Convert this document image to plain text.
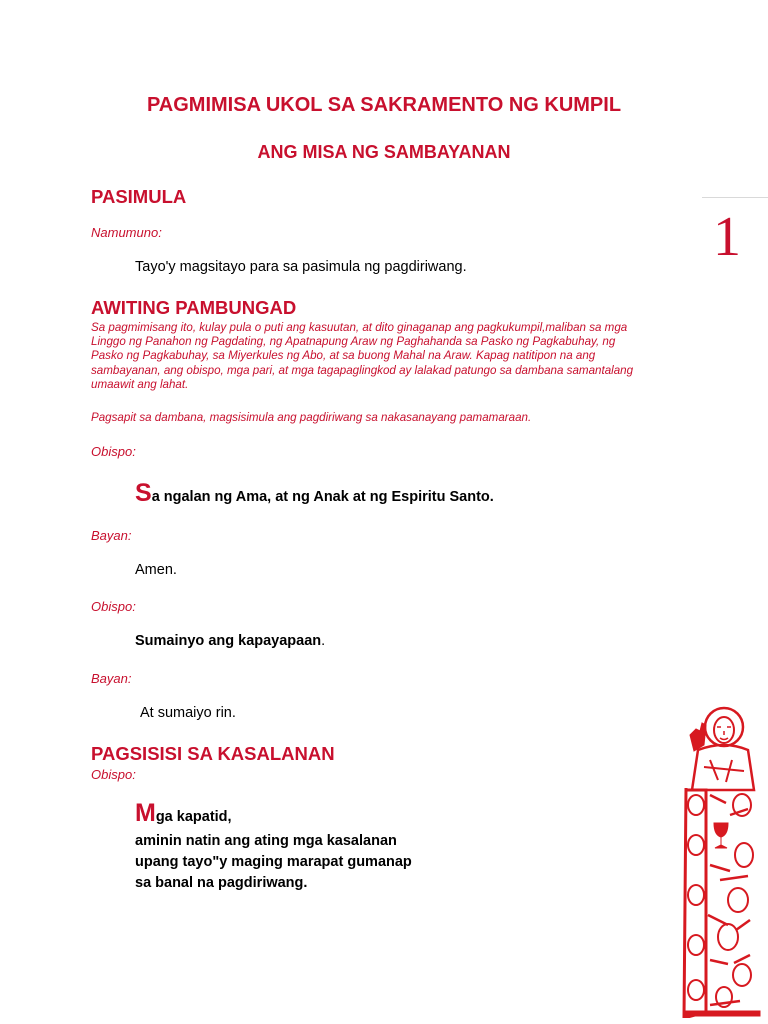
PAGMIMISA UKOL SA SAKRAMENTO NG KUMPIL
ANG MISA NG SAMBAYANAN
1
PASIMULA
Namumuno:
Tayo'y magsitayo para sa pasimula ng pagdiriwang.
AWITING PAMBUNGAD
Sa pagmimisang ito, kulay pula o puti ang kasuutan, at dito ginaganap ang pagkukumpil,maliban sa mga
Linggo ng Panahon ng Pagdating, ng Apatnapung Araw ng Paghahanda sa Pasko ng Pagkabuhay, ng
Pasko ng Pagkabuhay, sa Miyerkules ng Abo, at sa buong Mahal na Araw. Kapag natitipon na ang
sambayanan, ang obispo, mga pari, at mga tagapaglingkod ay lalakad patungo sa dambana samantalang
umaawit ang lahat.
Pagsapit sa dambana, magsisimula ang pagdiriwang sa nakasanayang pamamaraan.
Obispo:
Sa ngalan ng Ama, at ng Anak at ng Espiritu Santo.
Bayan:
Amen.
Obispo:
Sumainyo ang kapayapaan.
Bayan:
At sumaiyo rin.
PAGSISISI SA KASALANAN
Obispo:
Mga kapatid,
aminin natin ang ating mga kasalanan
upang tayo"y maging marapat gumanap
sa banal na pagdiriwang.
